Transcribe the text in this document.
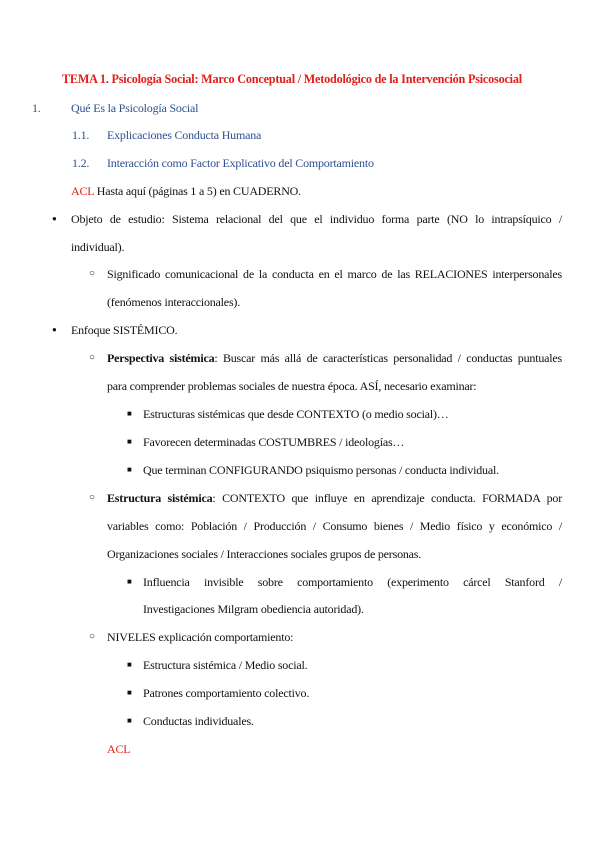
TEMA 1. Psicología Social: Marco Conceptual / Metodológico de la Intervención Psicosocial
1.	Qué Es la Psicología Social
1.1. Explicaciones Conducta Humana
1.2. Interacción como Factor Explicativo del Comportamiento
ACL Hasta aquí (páginas 1 a 5) en CUADERNO.
● Objeto de estudio: Sistema relacional del que el individuo forma parte (NO lo intrapsíquico /
individual).
○ Significado comunicacional de la conducta en el marco de las RELACIONES interpersonales
(fenómenos interaccionales).
● Enfoque SISTÉMICO.
○ Perspectiva sistémica: Buscar más allá de características personalidad / conductas puntuales
para comprender problemas sociales de nuestra época. ASÍ, necesario examinar:
■ Estructuras sistémicas que desde CONTEXTO (o medio social)…
■ Favorecen determinadas COSTUMBRES / ideologías…
■ Que terminan CONFIGURANDO psiquismo personas / conducta individual.
○ Estructura sistémica: CONTEXTO que influye en aprendizaje conducta. FORMADA por
variables como: Población / Producción / Consumo bienes / Medio físico y económico /
Organizaciones sociales / Interacciones sociales grupos de personas.
■ Influencia invisible sobre comportamiento (experimento cárcel Stanford /
Investigaciones Milgram obediencia autoridad).
○ NIVELES explicación comportamiento:
■ Estructura sistémica / Medio social.
■ Patrones comportamiento colectivo.
■ Conductas individuales.
ACL
